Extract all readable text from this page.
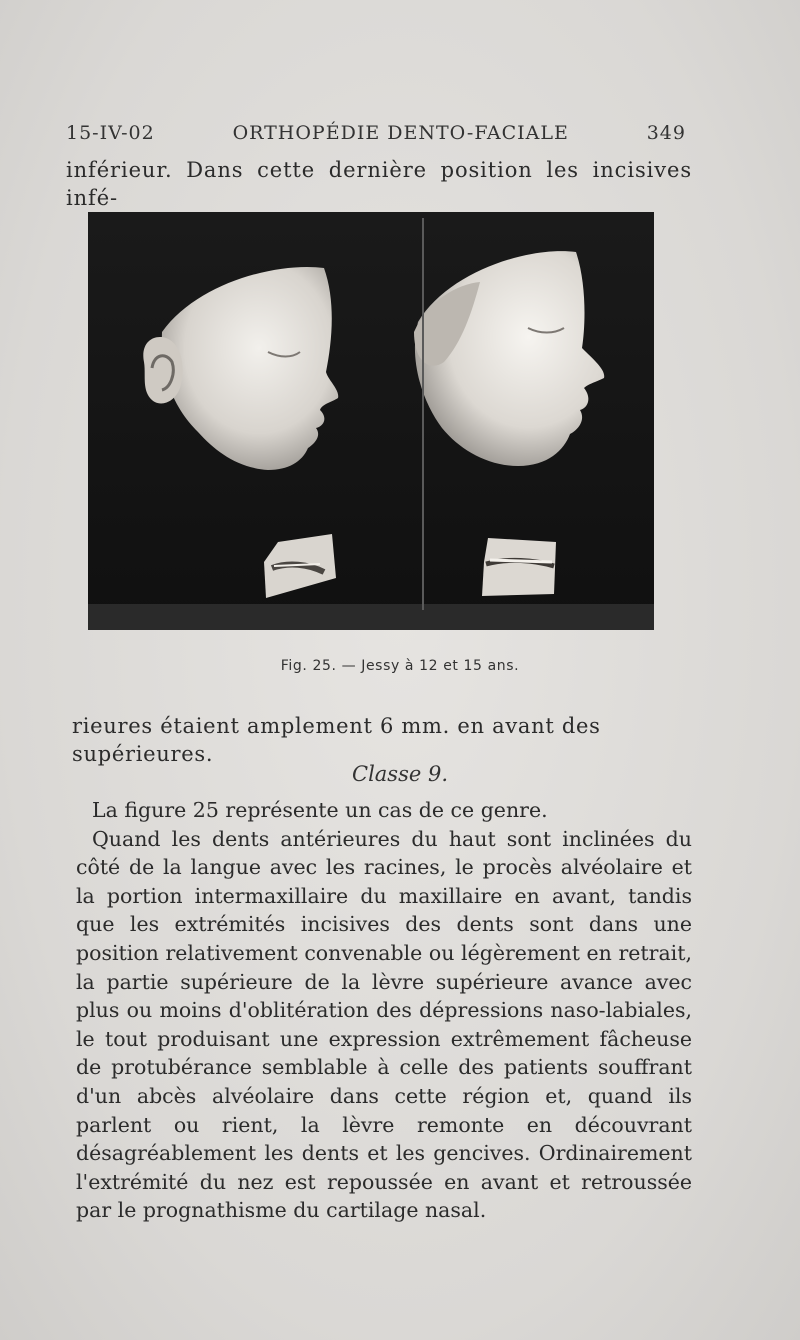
15-IV-02	ORTHOPÉDIE DENTO-FACIALE	349
inférieur. Dans cette dernière position les incisives infé-
Fig. 25. — Jessy à 12 et 15 ans.
rieures étaient amplement 6 mm. en avant des supérieures.
Classe 9.

La figure 25 représente un cas de ce genre.

Quand les dents antérieures du haut sont inclinées du côté de la langue avec les racines, le procès alvéolaire et la portion intermaxillaire du maxillaire en avant, tandis que les extrémités incisives des dents sont dans une position relativement convenable ou légèrement en retrait, la partie supérieure de la lèvre supérieure avance avec plus ou moins d'oblitération des dépressions naso-labiales, le tout produisant une expression extrêmement fâcheuse de protubérance semblable à celle des patients souffrant d'un abcès alvéolaire dans cette région et, quand ils parlent ou rient, la lèvre remonte en découvrant désagréablement les dents et les gencives. Ordinairement l'extrémité du nez est repoussée en avant et retroussée par le prognathisme du cartilage nasal.
